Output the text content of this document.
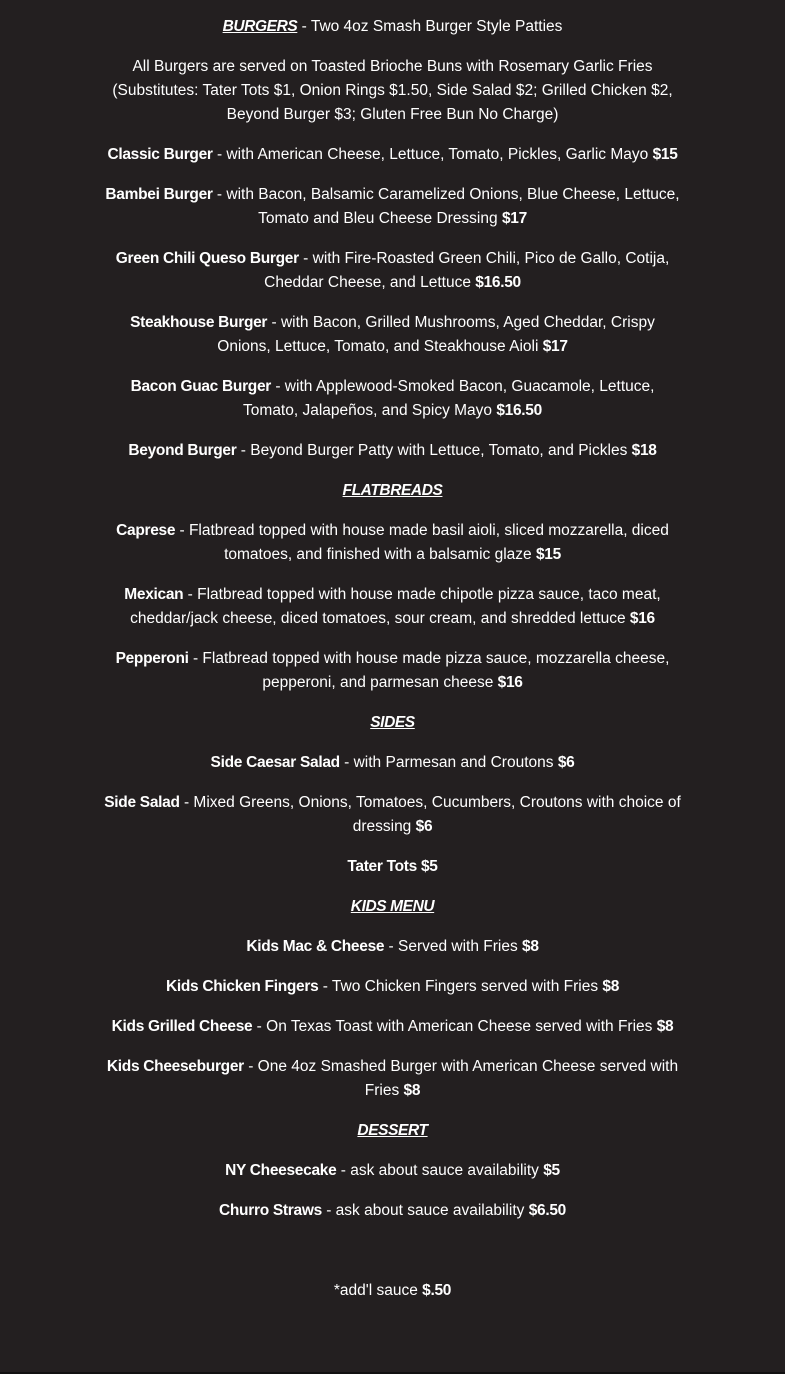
BURGERS - Two 4oz Smash Burger Style Patties

All Burgers are served on Toasted Brioche Buns with Rosemary Garlic Fries (Substitutes: Tater Tots $1, Onion Rings $1.50, Side Salad $2; Grilled Chicken $2, Beyond Burger $3; Gluten Free Bun No Charge)

Classic Burger - with American Cheese, Lettuce, Tomato, Pickles, Garlic Mayo $15

Bambei Burger - with Bacon, Balsamic Caramelized Onions, Blue Cheese, Lettuce, Tomato and Bleu Cheese Dressing $17

Green Chili Queso Burger - with Fire-Roasted Green Chili, Pico de Gallo, Cotija, Cheddar Cheese, and Lettuce $16.50

Steakhouse Burger - with Bacon, Grilled Mushrooms, Aged Cheddar, Crispy Onions, Lettuce, Tomato, and Steakhouse Aioli $17

Bacon Guac Burger - with Applewood-Smoked Bacon, Guacamole, Lettuce, Tomato, Jalapeños, and Spicy Mayo $16.50

Beyond Burger - Beyond Burger Patty with Lettuce, Tomato, and Pickles $18

FLATBREADS

Caprese - Flatbread topped with house made basil aioli, sliced mozzarella, diced tomatoes, and finished with a balsamic glaze $15

Mexican - Flatbread topped with house made chipotle pizza sauce, taco meat, cheddar/jack cheese, diced tomatoes, sour cream, and shredded lettuce $16

Pepperoni - Flatbread topped with house made pizza sauce, mozzarella cheese, pepperoni, and parmesan cheese $16

SIDES

Side Caesar Salad - with Parmesan and Croutons $6

Side Salad - Mixed Greens, Onions, Tomatoes, Cucumbers, Croutons with choice of dressing $6

Tater Tots $5

KIDS MENU

Kids Mac & Cheese - Served with Fries $8

Kids Chicken Fingers - Two Chicken Fingers served with Fries $8

Kids Grilled Cheese - On Texas Toast with American Cheese served with Fries $8

Kids Cheeseburger - One 4oz Smashed Burger with American Cheese served with Fries $8

DESSERT

NY Cheesecake - ask about sauce availability $5

Churro Straws - ask about sauce availability $6.50

*add'l sauce $.50
